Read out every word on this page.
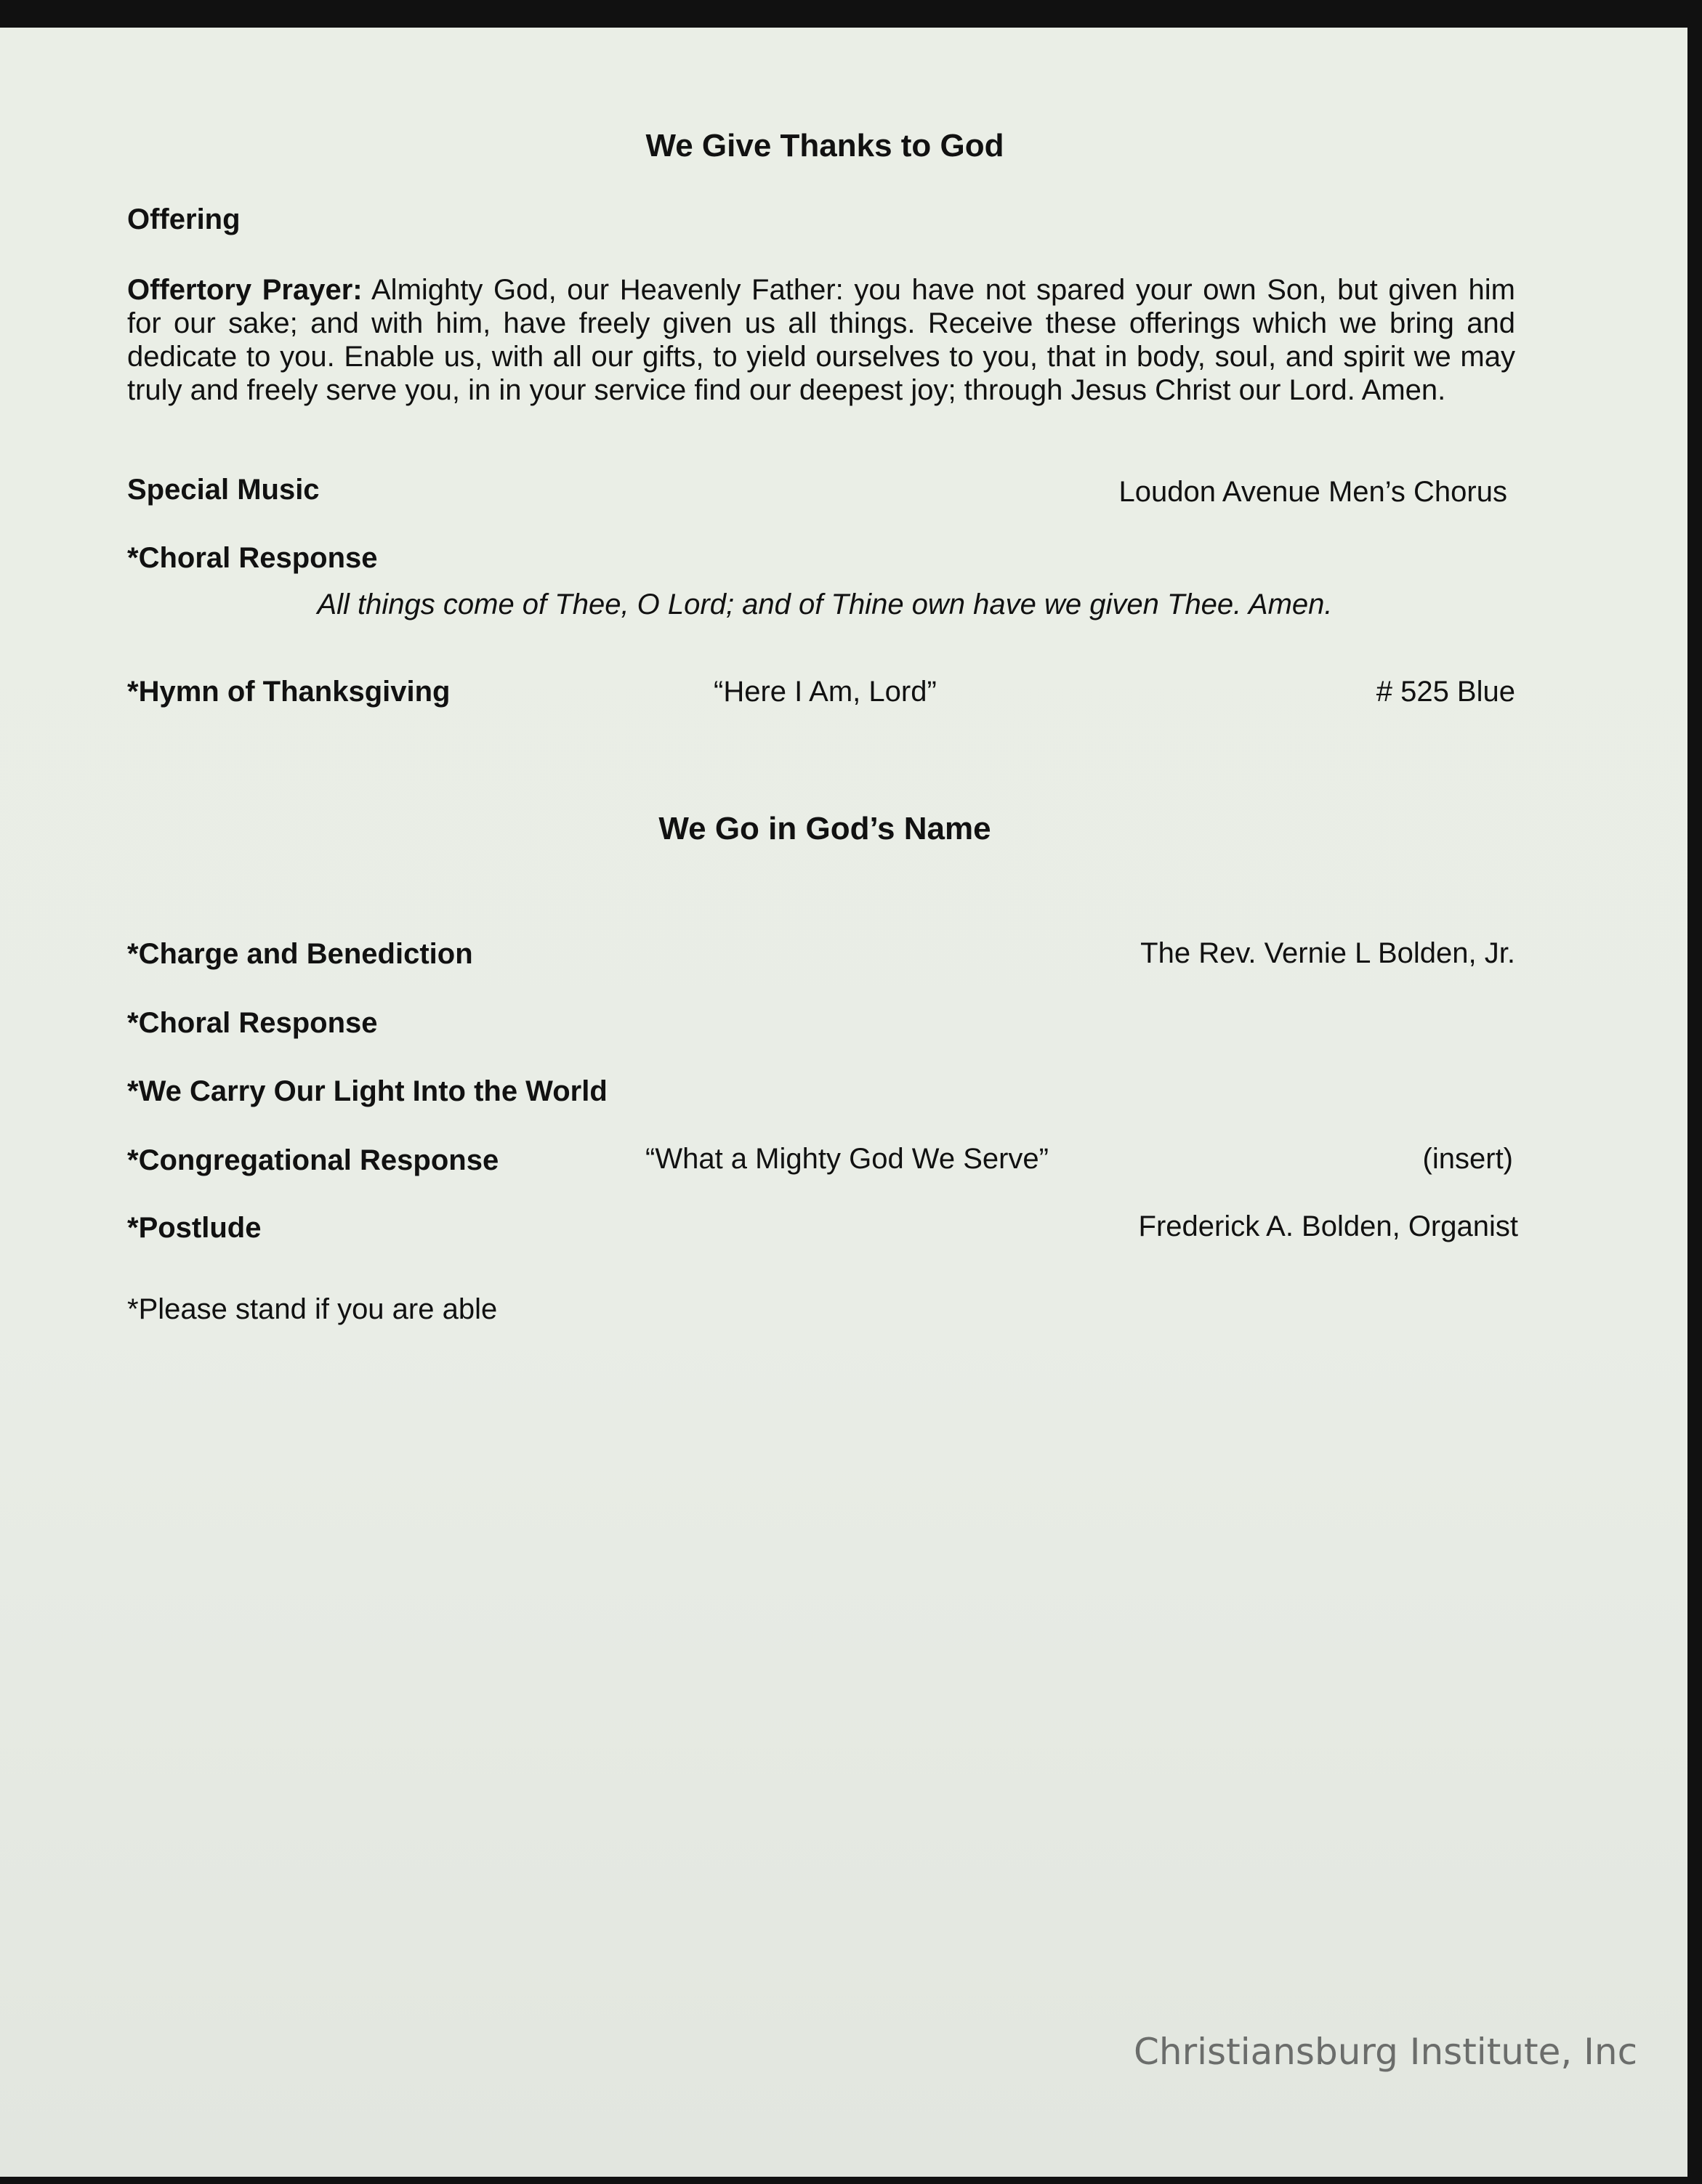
We Give Thanks to God
Offering
Offertory Prayer: Almighty God, our Heavenly Father: you have not spared your own Son, but given him for our sake; and with him, have freely given us all things. Receive these offerings which we bring and dedicate to you. Enable us, with all our gifts, to yield ourselves to you, that in body, soul, and spirit we may truly and freely serve you, in in your service find our deepest joy; through Jesus Christ our Lord. Amen.
Special Music	Loudon Avenue Men’s Chorus
*Choral Response
All things come of Thee, O Lord; and of Thine own have we given Thee. Amen.
*Hymn of Thanksgiving	“Here I Am, Lord”	# 525 Blue
We Go in God’s Name
*Charge and Benediction	The Rev. Vernie L Bolden, Jr.
*Choral Response
*We Carry Our Light Into the World
*Congregational Response	“What a Mighty God We Serve”	(insert)
*Postlude	Frederick A. Bolden, Organist
*Please stand if you are able
Christiansburg Institute, Inc
